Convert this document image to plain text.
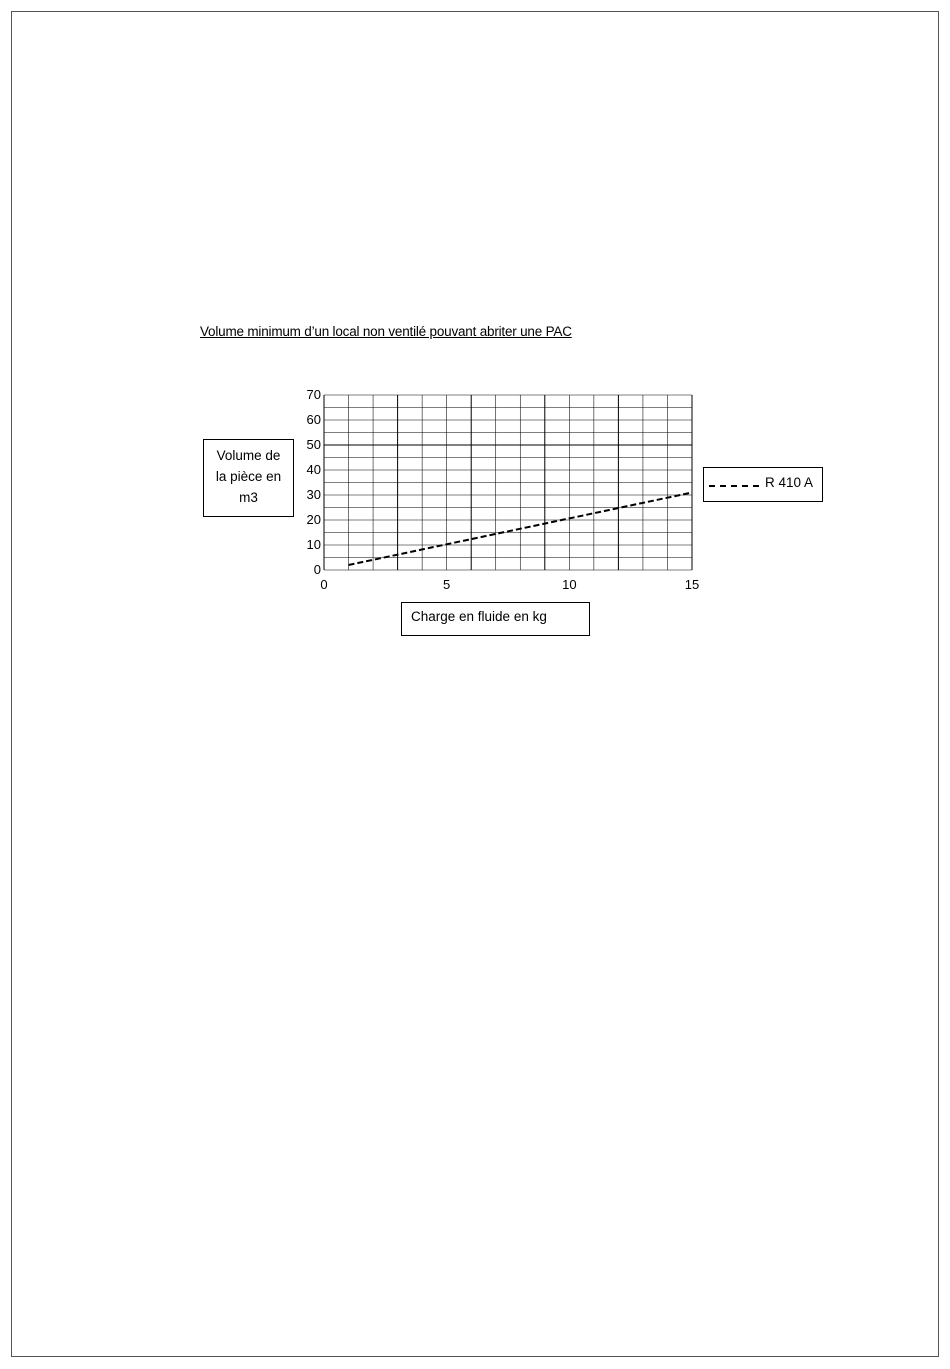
Volume minimum d’un local non ventilé pouvant abriter une PAC
Volume de la pièce en m3
0
10
20
30
40
50
60
70
0	5	10	15
Charge en fluide en kg
R 410 A
